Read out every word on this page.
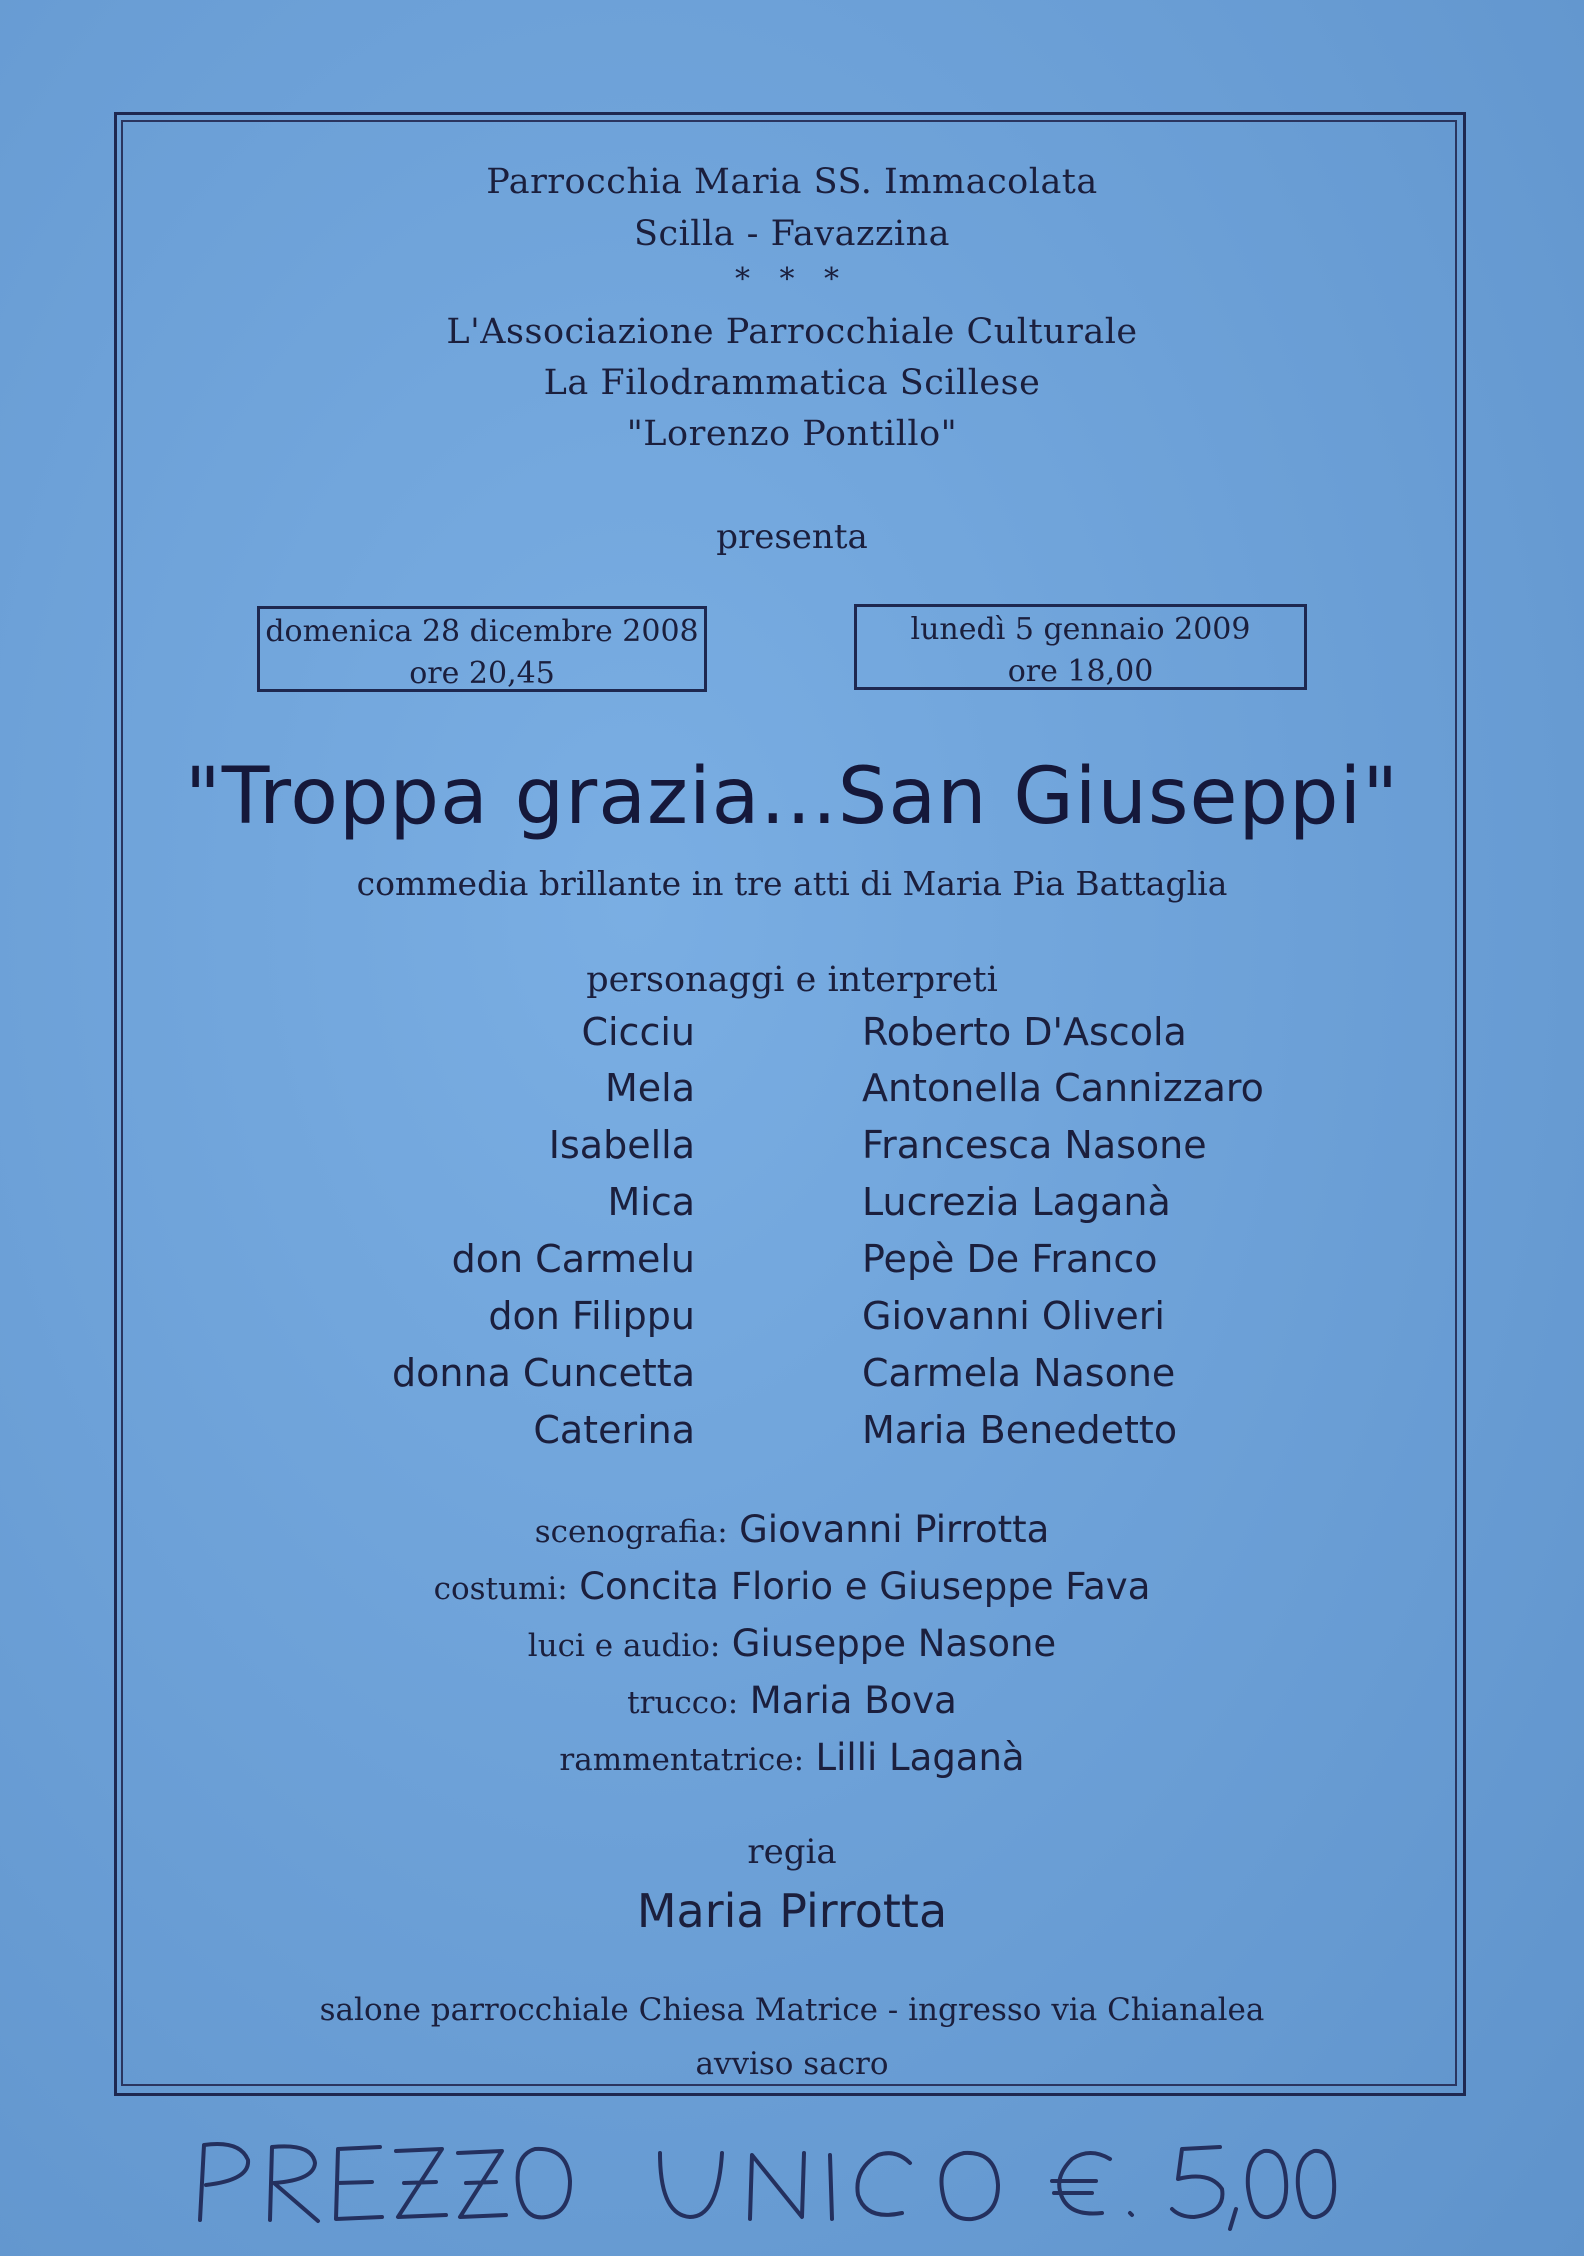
Parrocchia Maria SS. Immacolata
Scilla - Favazzina
* * *
L'Associazione Parrocchiale Culturale
La Filodrammatica Scillese
"Lorenzo Pontillo"
presenta
domenica 28 dicembre 2008
ore 20,45
lunedì 5 gennaio 2009
ore 18,00
"Troppa grazia...San Giuseppi"
commedia brillante in tre atti di Maria Pia Battaglia
personaggi e interpreti
Cicciu	Roberto D'Ascola
Mela	Antonella Cannizzaro
Isabella	Francesca Nasone
Mica	Lucrezia Laganà
don Carmelu	Pepè De Franco
don Filippu	Giovanni Oliveri
donna Cuncetta	Carmela Nasone
Caterina	Maria Benedetto
scenografia: Giovanni Pirrotta
costumi: Concita Florio e Giuseppe Fava
luci e audio: Giuseppe Nasone
trucco: Maria Bova
rammentatrice: Lilli Laganà
regia
Maria Pirrotta
salone parrocchiale Chiesa Matrice - ingresso via Chianalea
avviso sacro
